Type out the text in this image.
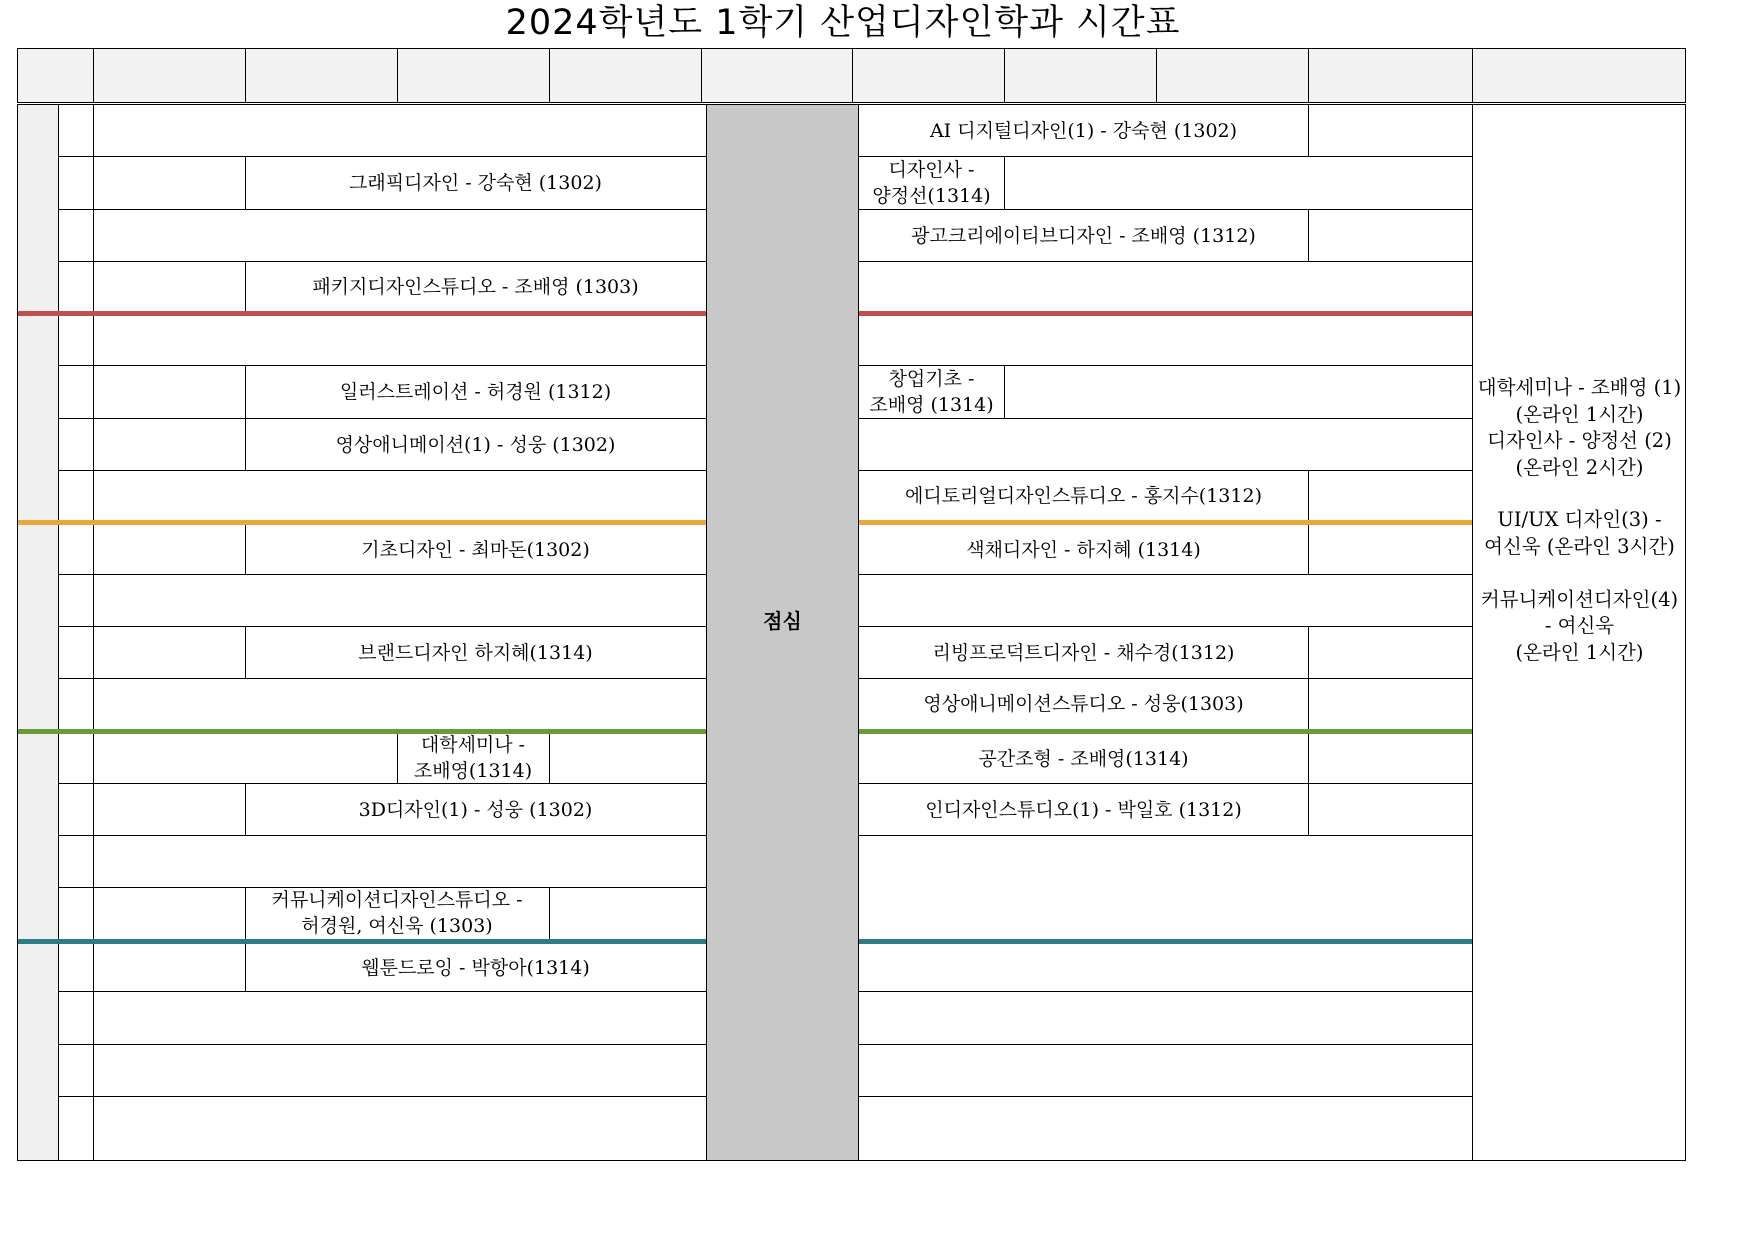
2024학년도 1학기 산업디자인학과 시간표
점심
그래픽디자인 - 강숙현 (1302)
패키지디자인스튜디오 - 조배영 (1303)
일러스트레이션 - 허경원 (1312)
영상애니메이션(1) - 성웅 (1302)
기초디자인 - 최마돈(1302)
브랜드디자인 하지혜(1314)
3D디자인(1) - 성웅 (1302)
웹툰드로잉 - 박항아(1314)
대학세미나 -
조배영(1314)
커뮤니케이션디자인스튜디오 -
허경원, 여신욱 (1303)
AI 디지털디자인(1) - 강숙현 (1302)
디자인사 -
양정선(1314)
광고크리에이티브디자인 - 조배영 (1312)
창업기초 -
조배영 (1314)
에디토리얼디자인스튜디오 - 홍지수(1312)
색채디자인 - 하지혜 (1314)
리빙프로덕트디자인 - 채수경(1312)
영상애니메이션스튜디오 - 성웅(1303)
공간조형 - 조배영(1314)
인디자인스튜디오(1) - 박일호 (1312)
대학세미나 - 조배영 (1)
(온라인 1시간)
디자인사 - 양정선 (2)
(온라인 2시간)
UI/UX 디자인(3) -
여신욱 (온라인 3시간)
커뮤니케이션디자인(4)
- 여신욱
(온라인 1시간)
